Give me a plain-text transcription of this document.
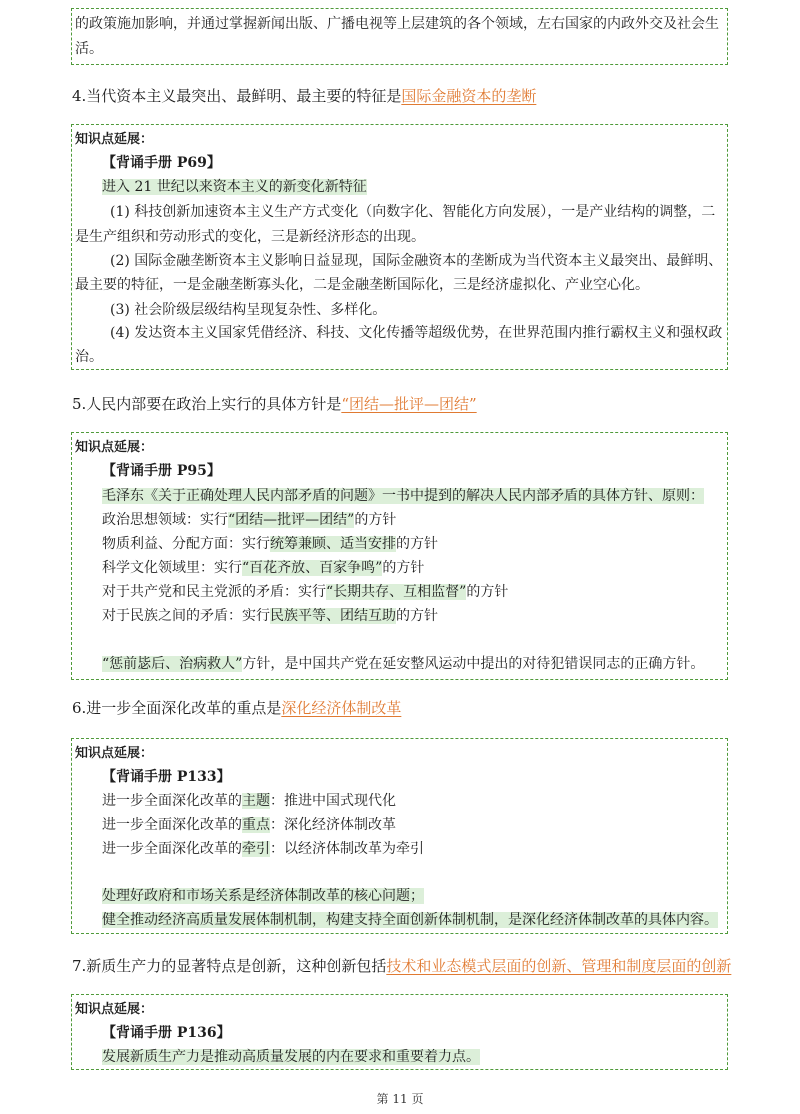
的政策施加影响，并通过掌握新闻出版、广播电视等上层建筑的各个领域，左右国家的内政外交及社会生
活。
4.当代资本主义最突出、最鲜明、最主要的特征是国际金融资本的垄断
知识点延展：
【背诵手册 P69】
进入 21 世纪以来资本主义的新变化新特征
(1) 科技创新加速资本主义生产方式变化（向数字化、智能化方向发展），一是产业结构的调整，二
是生产组织和劳动形式的变化，三是新经济形态的出现。
(2) 国际金融垄断资本主义影响日益显现，国际金融资本的垄断成为当代资本主义最突出、最鲜明、
最主要的特征，一是金融垄断寡头化，二是金融垄断国际化，三是经济虚拟化、产业空心化。
(3) 社会阶级层级结构呈现复杂性、多样化。
(4) 发达资本主义国家凭借经济、科技、文化传播等超级优势，在世界范围内推行霸权主义和强权政
治。
5.人民内部要在政治上实行的具体方针是“团结—批评—团结”
知识点延展：
【背诵手册 P95】
毛泽东《关于正确处理人民内部矛盾的问题》一书中提到的解决人民内部矛盾的具体方针、原则：
政治思想领域：实行“团结—批评—团结”的方针
物质利益、分配方面：实行统筹兼顾、适当安排的方针
科学文化领域里：实行“百花齐放、百家争鸣”的方针
对于共产党和民主党派的矛盾：实行“长期共存、互相监督”的方针
对于民族之间的矛盾：实行民族平等、团结互助的方针
“惩前毖后、治病救人”方针，是中国共产党在延安整风运动中提出的对待犯错误同志的正确方针。
6.进一步全面深化改革的重点是深化经济体制改革
知识点延展：
【背诵手册 P133】
进一步全面深化改革的主题：推进中国式现代化
进一步全面深化改革的重点：深化经济体制改革
进一步全面深化改革的牵引：以经济体制改革为牵引
处理好政府和市场关系是经济体制改革的核心问题；
健全推动经济高质量发展体制机制，构建支持全面创新体制机制，是深化经济体制改革的具体内容。
7.新质生产力的显著特点是创新，这种创新包括技术和业态模式层面的创新、管理和制度层面的创新
知识点延展：
【背诵手册 P136】
发展新质生产力是推动高质量发展的内在要求和重要着力点。
第 11 页
